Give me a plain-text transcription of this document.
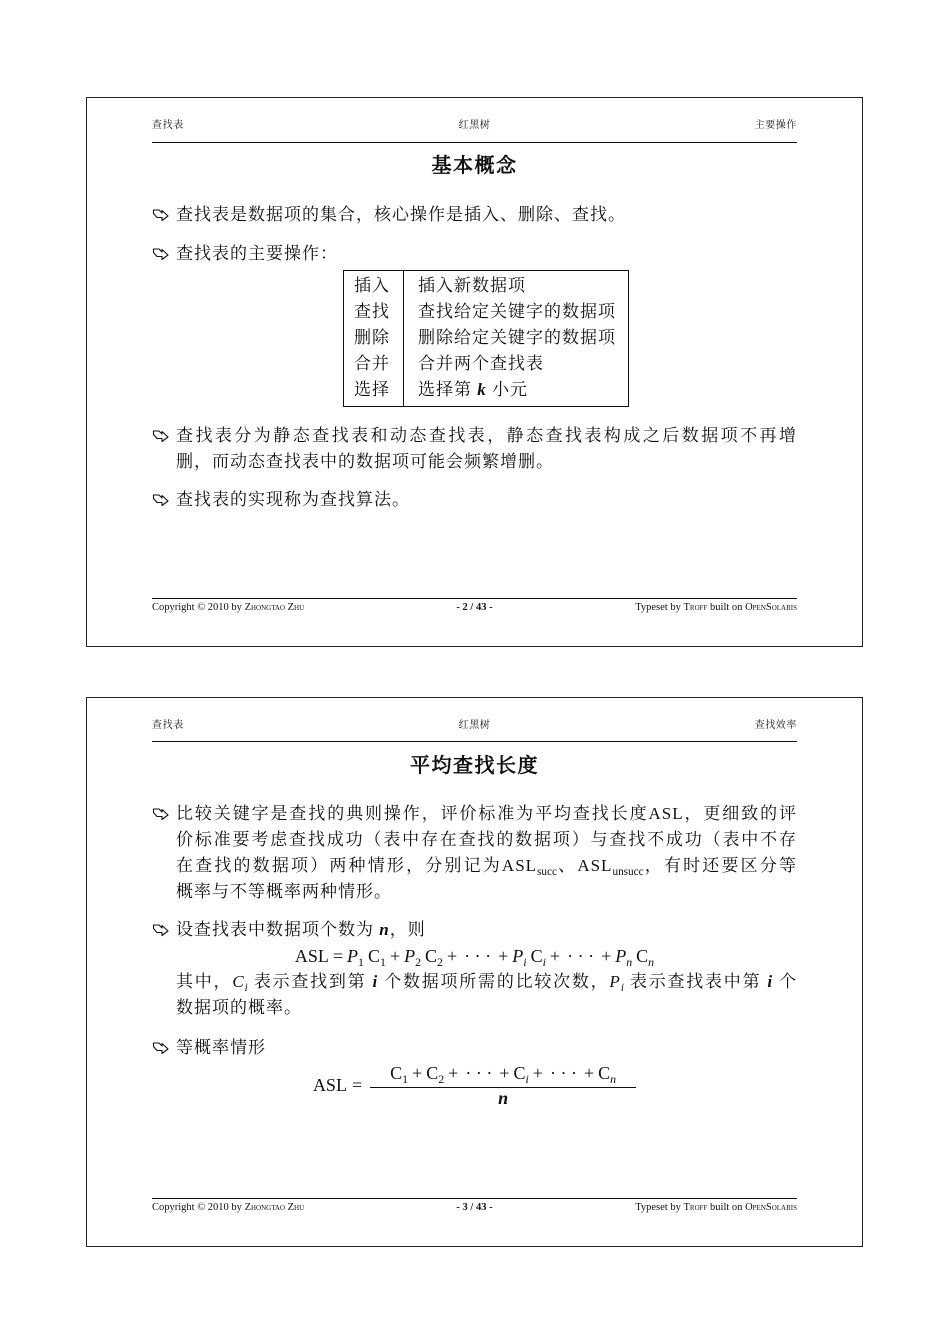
查找表	红黑树	主要操作
基本概念
查找表是数据项的集合，核心操作是插入、删除、查找。
查找表的主要操作：
插入	插入新数据项
查找	查找给定关键字的数据项
删除	删除给定关键字的数据项
合并	合并两个查找表
选择	选择第 k 小元
查找表分为静态查找表和动态查找表，静态查找表构成之后数据项不再增
删，而动态查找表中的数据项可能会频繁增删。
查找表的实现称为查找算法。
Copyright © 2010 by Zhongtao Zhu	- 2 / 43 -	Typeset by Troff built on OpenSolaris
查找表	红黑树	查找效率
平均查找长度
比较关键字是查找的典则操作，评价标准为平均查找长度ASL，更细致的评
价标准要考虑查找成功（表中存在查找的数据项）与查找不成功（表中不存
在查找的数据项）两种情形，分别记为$ASL_{succ}$、$ASL_{unsucc}$，有时还要区分等
概率与不等概率两种情形。
设查找表中数据项个数为 n，则
ASL = $P_1$ $C_1 + P_2$ $C_2$ + · · · + $P_i$ $C_i$ + · · · + $P_n$ $C_n$
其中，$C_i$ 表示查找到第 i 个数据项所需的比较次数，$P_i$ 表示查找表中第 i 个
数据项的概率。
等概率情形
ASL = $\frac{C_1 + C_2 + \cdot \cdot \cdot + C_i + \cdot \cdot \cdot + C_n}{n}$
Copyright © 2010 by Zhongtao Zhu	- 3 / 43 -	Typeset by Troff built on OpenSolaris
